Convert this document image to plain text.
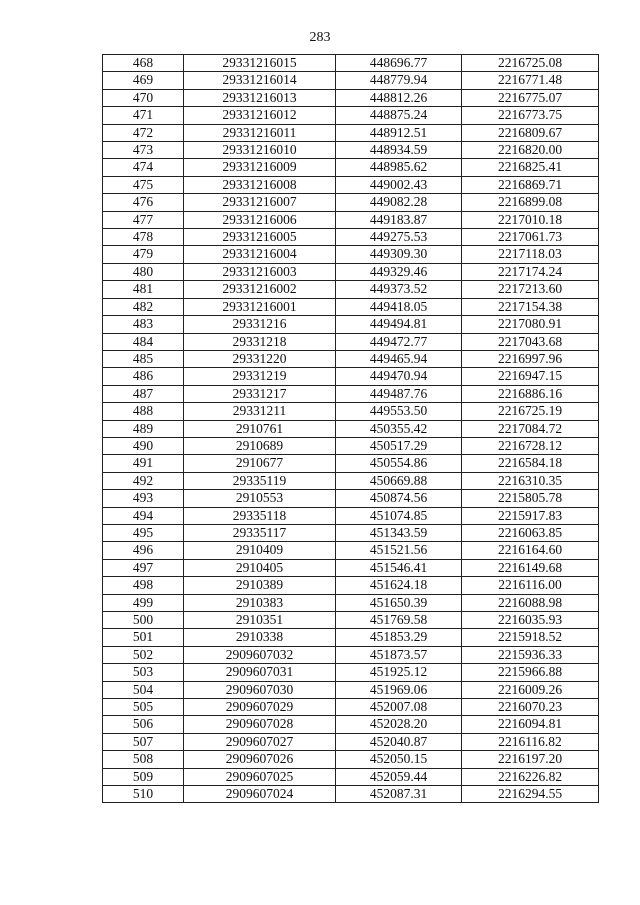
283
468	29331216015	448696.77	2216725.08
469	29331216014	448779.94	2216771.48
470	29331216013	448812.26	2216775.07
471	29331216012	448875.24	2216773.75
472	29331216011	448912.51	2216809.67
473	29331216010	448934.59	2216820.00
474	29331216009	448985.62	2216825.41
475	29331216008	449002.43	2216869.71
476	29331216007	449082.28	2216899.08
477	29331216006	449183.87	2217010.18
478	29331216005	449275.53	2217061.73
479	29331216004	449309.30	2217118.03
480	29331216003	449329.46	2217174.24
481	29331216002	449373.52	2217213.60
482	29331216001	449418.05	2217154.38
483	29331216	449494.81	2217080.91
484	29331218	449472.77	2217043.68
485	29331220	449465.94	2216997.96
486	29331219	449470.94	2216947.15
487	29331217	449487.76	2216886.16
488	29331211	449553.50	2216725.19
489	2910761	450355.42	2217084.72
490	2910689	450517.29	2216728.12
491	2910677	450554.86	2216584.18
492	29335119	450669.88	2216310.35
493	2910553	450874.56	2215805.78
494	29335118	451074.85	2215917.83
495	29335117	451343.59	2216063.85
496	2910409	451521.56	2216164.60
497	2910405	451546.41	2216149.68
498	2910389	451624.18	2216116.00
499	2910383	451650.39	2216088.98
500	2910351	451769.58	2216035.93
501	2910338	451853.29	2215918.52
502	2909607032	451873.57	2215936.33
503	2909607031	451925.12	2215966.88
504	2909607030	451969.06	2216009.26
505	2909607029	452007.08	2216070.23
506	2909607028	452028.20	2216094.81
507	2909607027	452040.87	2216116.82
508	2909607026	452050.15	2216197.20
509	2909607025	452059.44	2216226.82
510	2909607024	452087.31	2216294.55
